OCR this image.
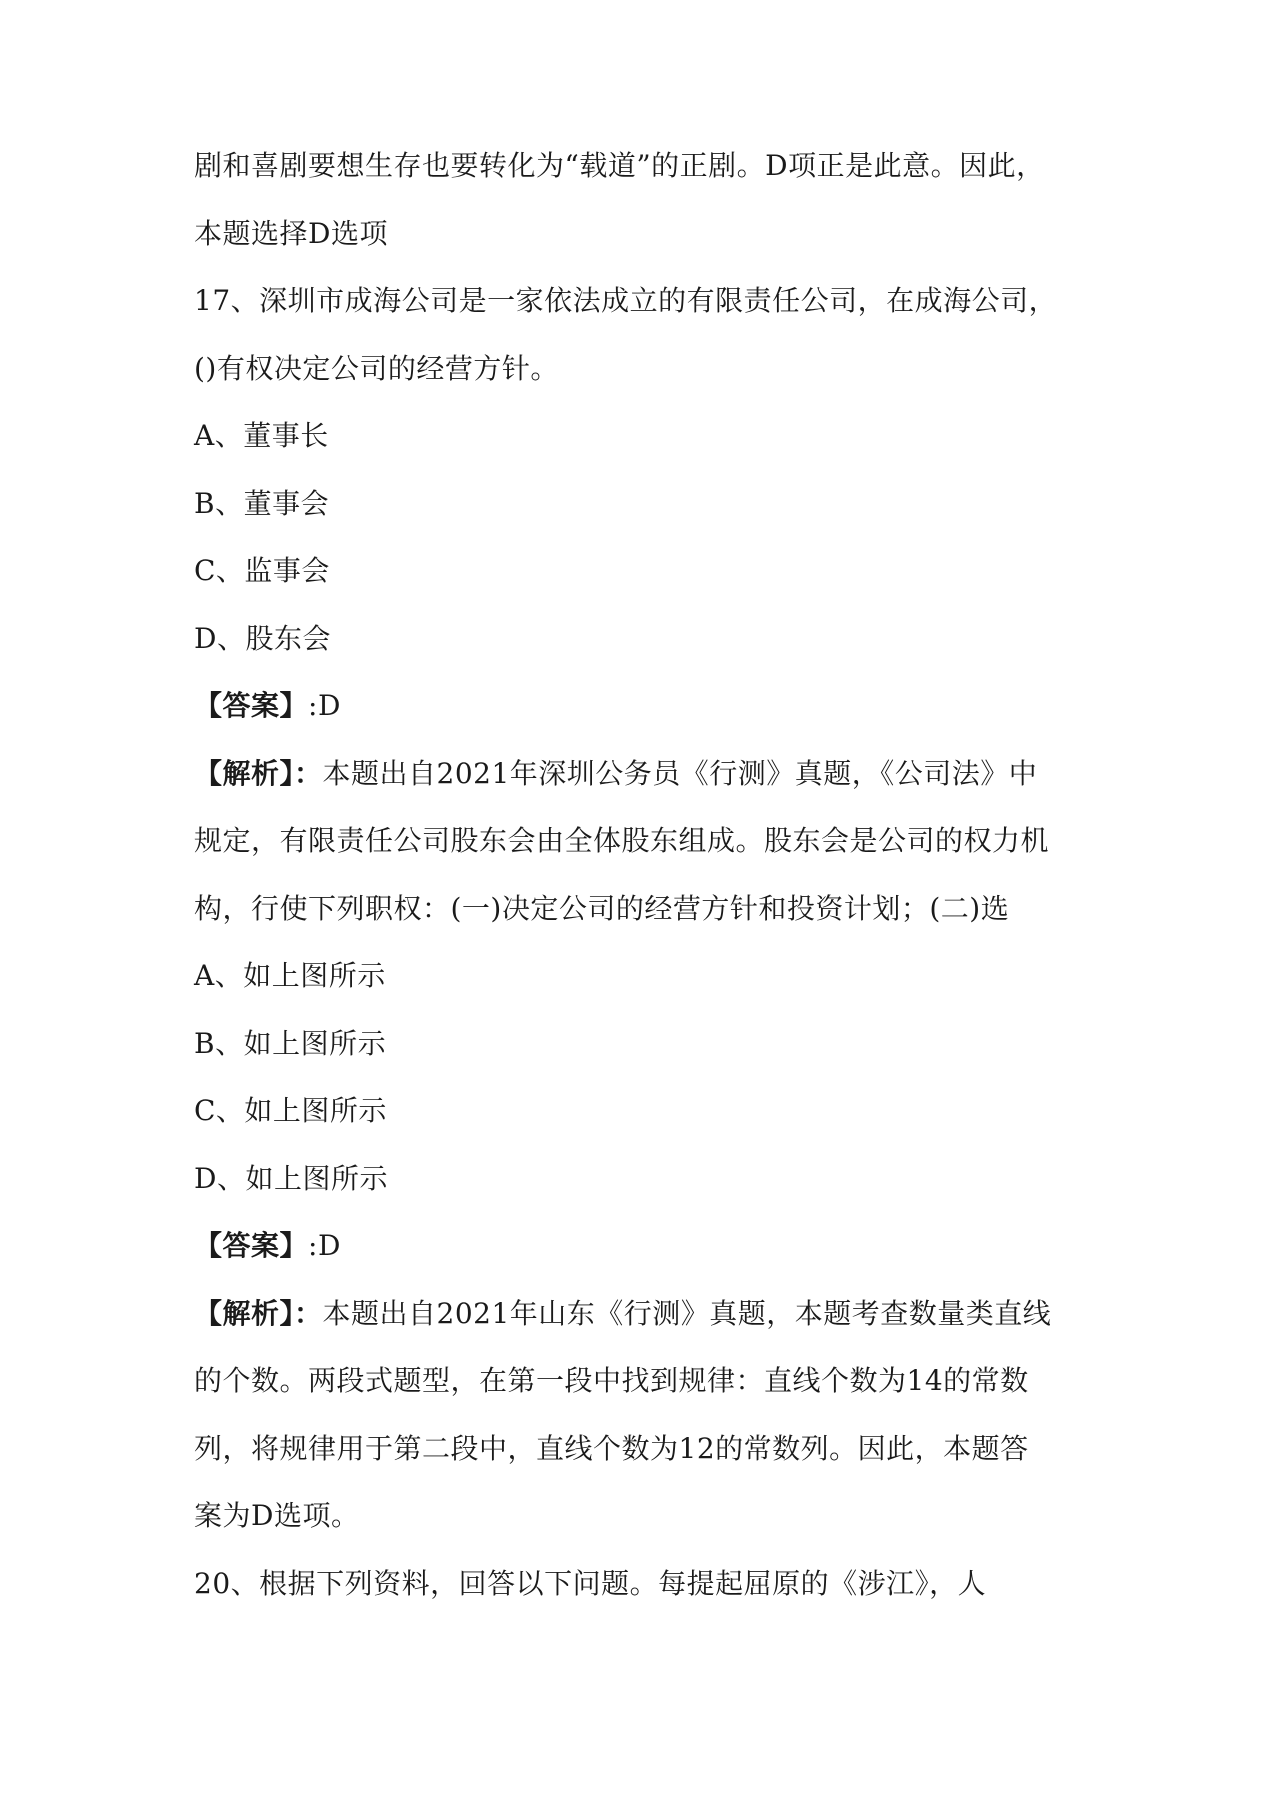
剧和喜剧要想生存也要转化为“载道”的正剧。D项正是此意。因此，
本题选择D选项
17、深圳市成海公司是一家依法成立的有限责任公司，在成海公司，
()有权决定公司的经营方针。
A、董事长
B、董事会
C、监事会
D、股东会
【答案】:D
【解析】：本题出自2021年深圳公务员《行测》真题，《公司法》中
规定，有限责任公司股东会由全体股东组成。股东会是公司的权力机
构，行使下列职权：(一)决定公司的经营方针和投资计划；(二)选
A、如上图所示
B、如上图所示
C、如上图所示
D、如上图所示
【答案】:D
【解析】：本题出自2021年山东《行测》真题，本题考查数量类直线
的个数。两段式题型，在第一段中找到规律：直线个数为14的常数
列，将规律用于第二段中，直线个数为12的常数列。因此，本题答
案为D选项。
20、根据下列资料，回答以下问题。每提起屈原的《涉江》，人
